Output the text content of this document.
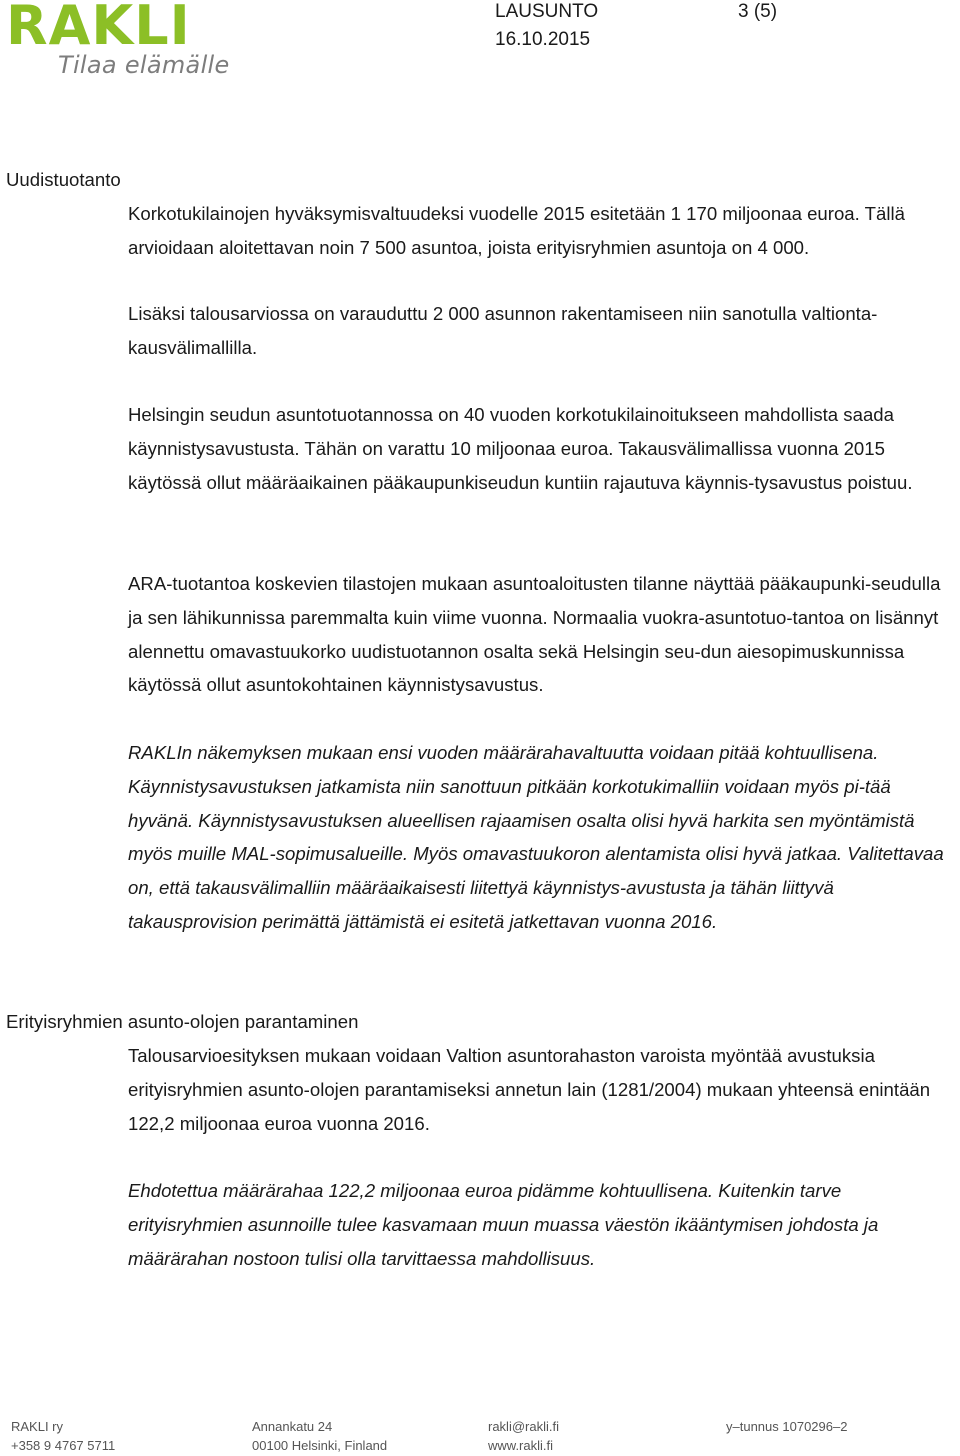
RAKLI
Tilaa elämälle
LAUSUNTO	3 (5)
16.10.2015
Uudistuotanto

Korkotukilainojen hyväksymisvaltuudeksi vuodelle 2015 esitetään 1 170 miljoonaa euroa. Tällä arvioidaan aloitettavan noin 7 500 asuntoa, joista erityisryhmien asuntoja on 4 000.

Lisäksi talousarviossa on varauduttu 2 000 asunnon rakentamiseen niin sanotulla valtionta-kausvälimallilla.

Helsingin seudun asuntotuotannossa on 40 vuoden korkotukilainoitukseen mahdollista saada käynnistysavustusta. Tähän on varattu 10 miljoonaa euroa. Takausvälimallissa vuonna 2015 käytössä ollut määräaikainen pääkaupunkiseudun kuntiin rajautuva käynnis-tysavustus poistuu.

ARA-tuotantoa koskevien tilastojen mukaan asuntoaloitusten tilanne näyttää pääkaupunki-seudulla ja sen lähikunnissa paremmalta kuin viime vuonna. Normaalia vuokra-asuntotuo-tantoa on lisännyt alennettu omavastuukorko uudistuotannon osalta sekä Helsingin seu-dun aiesopimuskunnissa käytössä ollut asuntokohtainen käynnistysavustus.

RAKLIn näkemyksen mukaan ensi vuoden määrärahavaltuutta voidaan pitää kohtuullisena. Käynnistysavustuksen jatkamista niin sanottuun pitkään korkotukimalliin voidaan myös pi-tää hyvänä. Käynnistysavustuksen alueellisen rajaamisen osalta olisi hyvä harkita sen myöntämistä myös muille MAL-sopimusalueille. Myös omavastuukoron alentamista olisi hyvä jatkaa. Valitettavaa on, että takausvälimalliin määräaikaisesti liitettyä käynnistys-avustusta ja tähän liittyvä takausprovision perimättä jättämistä ei esitetä jatkettavan vuonna 2016.

Erityisryhmien asunto-olojen parantaminen

Talousarvioesityksen mukaan voidaan Valtion asuntorahaston varoista myöntää avustuksia erityisryhmien asunto-olojen parantamiseksi annetun lain (1281/2004) mukaan yhteensä enintään 122,2 miljoonaa euroa vuonna 2016.

Ehdotettua määrärahaa 122,2 miljoonaa euroa pidämme kohtuullisena. Kuitenkin tarve erityisryhmien asunnoille tulee kasvamaan muun muassa väestön ikääntymisen johdosta ja määrärahan nostoon tulisi olla tarvittaessa mahdollisuus.

RAKLI ry
+358 9 4767 5711
Annankatu 24
00100 Helsinki, Finland
rakli@rakli.fi
www.rakli.fi
y–tunnus 1070296–2
